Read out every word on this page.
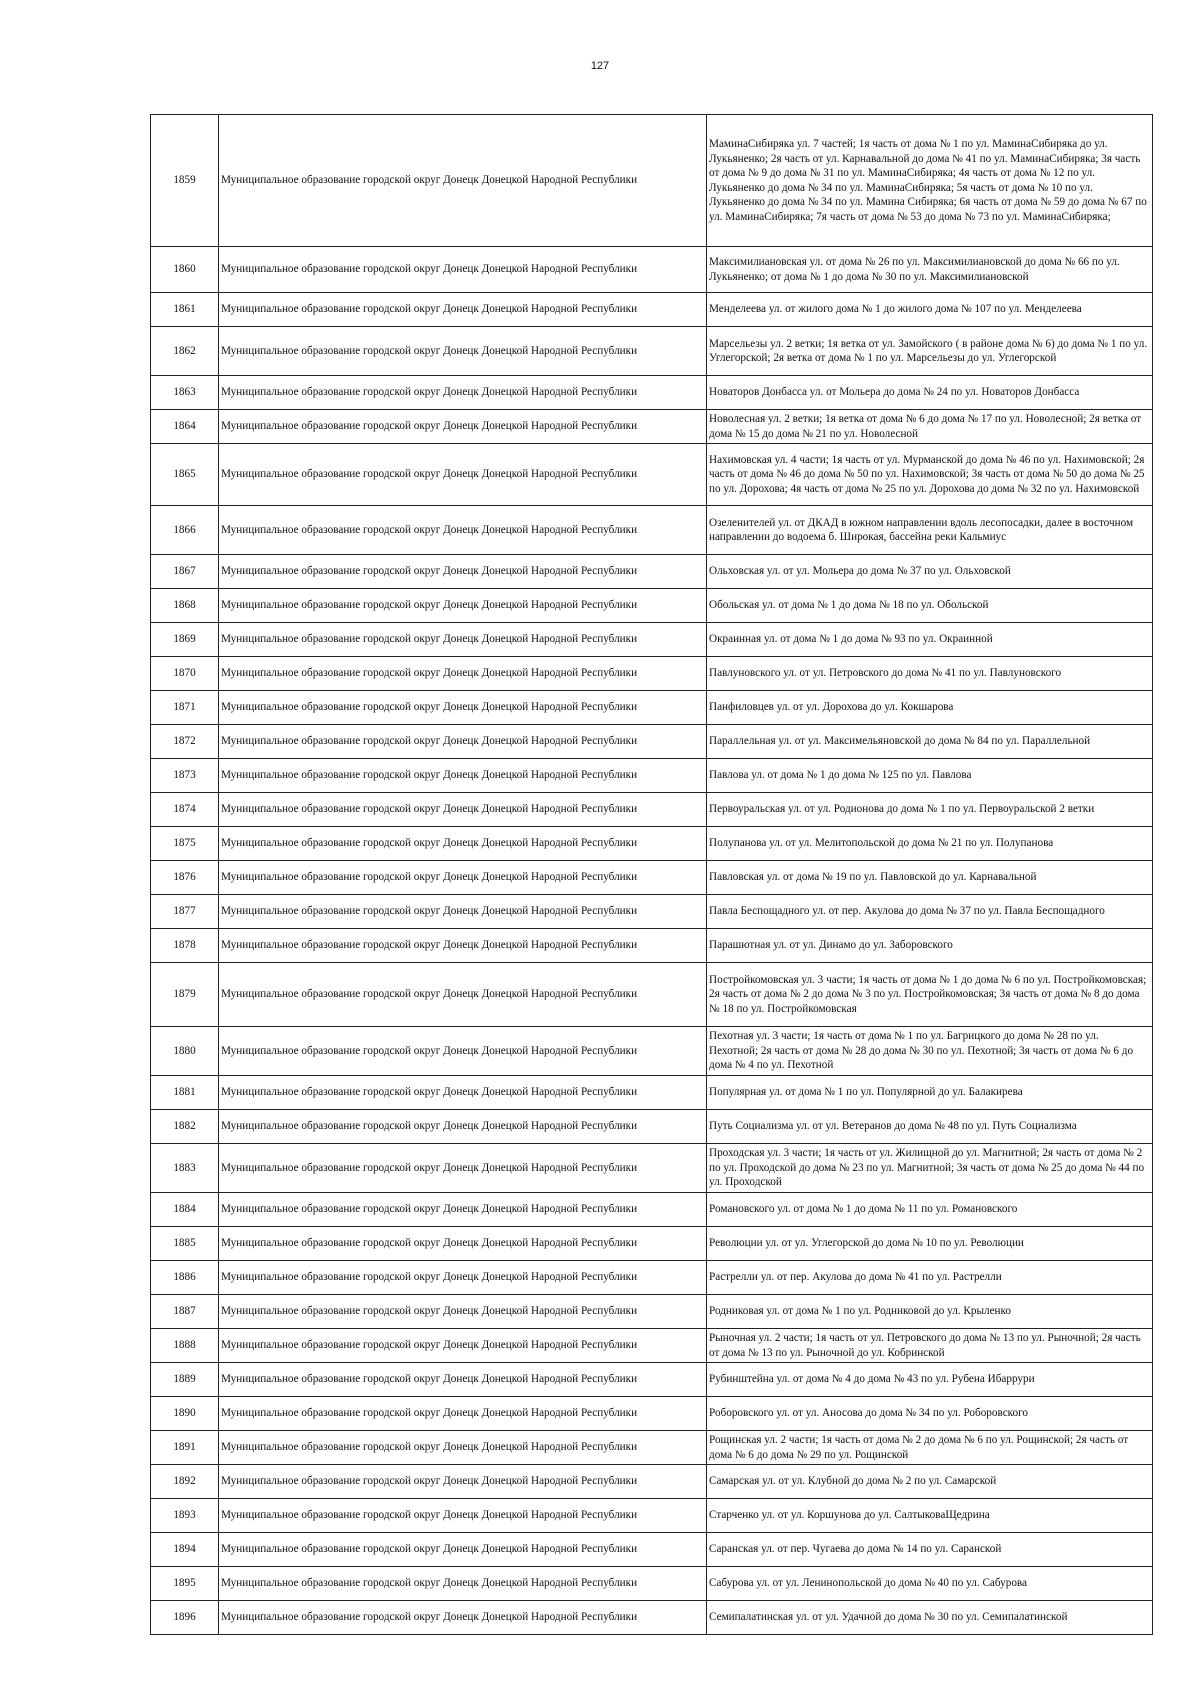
127
1859	Муниципальное образование городской округ Донецк Донецкой Народной Республики	МаминаСибиряка ул. 7 частей; 1я часть от дома № 1 по ул. МаминаСибиряка до ул. Лукьяненко; 2я часть от ул. Карнавальной до дома № 41 по ул. МаминаСибиряка; 3я часть от дома № 9 до дома № 31 по ул. МаминаСибиряка; 4я часть от дома № 12 по ул. Лукьяненко до дома № 34 по ул. МаминаСибиряка; 5я часть от дома № 10 по ул. Лукьяненко до дома № 34 по ул. Мамина Сибиряка; 6я часть от дома № 59 до дома № 67 по ул. МаминаСибиряка; 7я часть от дома № 53 до дома № 73 по ул. МаминаСибиряка;
1860	Муниципальное образование городской округ Донецк Донецкой Народной Республики	Максимилиановская ул. от дома № 26 по ул. Максимилиановской до дома № 66 по ул. Лукьяненко; от дома № 1 до дома № 30 по ул. Максимилиановской
1861	Муниципальное образование городской округ Донецк Донецкой Народной Республики	Менделеева ул. от жилого дома № 1 до жилого дома № 107 по ул. Менделеева
1862	Муниципальное образование городской округ Донецк Донецкой Народной Республики	Марсельезы ул. 2 ветки; 1я ветка от ул. Замойского ( в районе дома № 6) до дома № 1 по ул. Углегорской; 2я ветка от дома № 1 по ул. Марсельезы до ул. Углегорской
1863	Муниципальное образование городской округ Донецк Донецкой Народной Республики	Новаторов Донбасса ул. от Мольера до дома № 24 по ул. Новаторов Донбасса
1864	Муниципальное образование городской округ Донецк Донецкой Народной Республики	Новолесная ул. 2 ветки; 1я ветка от дома № 6 до дома № 17 по ул. Новолесной; 2я ветка от дома № 15 до дома № 21 по ул. Новолесной
1865	Муниципальное образование городской округ Донецк Донецкой Народной Республики	Нахимовская ул. 4 части; 1я часть от ул. Мурманской до дома № 46 по ул. Нахимовской; 2я часть от дома № 46 до дома № 50 по ул. Нахимовской; 3я часть от дома № 50 до дома № 25 по ул. Дорохова; 4я часть от дома № 25 по ул. Дорохова до дома № 32 по ул. Нахимовской
1866	Муниципальное образование городской округ Донецк Донецкой Народной Республики	Озеленителей ул. от ДКАД в южном направлении вдоль лесопосадки, далее в восточном направлении до водоема б. Широкая, бассейна реки Кальмиус
1867	Муниципальное образование городской округ Донецк Донецкой Народной Республики	Ольховская ул. от ул. Мольера до дома № 37 по ул. Ольховской
1868	Муниципальное образование городской округ Донецк Донецкой Народной Республики	Обольская ул. от дома № 1 до дома № 18 по ул. Обольской
1869	Муниципальное образование городской округ Донецк Донецкой Народной Республики	Окраинная ул. от дома № 1 до дома № 93 по ул. Окраинной
1870	Муниципальное образование городской округ Донецк Донецкой Народной Республики	Павлуновского ул. от ул. Петровского до дома № 41 по ул. Павлуновского
1871	Муниципальное образование городской округ Донецк Донецкой Народной Республики	Панфиловцев ул. от ул. Дорохова до ул. Кокшарова
1872	Муниципальное образование городской округ Донецк Донецкой Народной Республики	Параллельная ул. от ул. Максимельяновской до дома № 84 по ул. Параллельной
1873	Муниципальное образование городской округ Донецк Донецкой Народной Республики	Павлова ул. от дома № 1 до дома № 125 по ул. Павлова
1874	Муниципальное образование городской округ Донецк Донецкой Народной Республики	Первоуральская ул. от ул. Родионова до дома № 1 по ул. Первоуральской 2 ветки
1875	Муниципальное образование городской округ Донецк Донецкой Народной Республики	Полупанова ул. от ул. Мелитопольской до дома № 21 по ул. Полупанова
1876	Муниципальное образование городской округ Донецк Донецкой Народной Республики	Павловская ул. от дома № 19 по ул. Павловской до ул. Карнавальной
1877	Муниципальное образование городской округ Донецк Донецкой Народной Республики	Павла Беспощадного ул. от пер. Акулова до дома № 37 по ул. Павла Беспощадного
1878	Муниципальное образование городской округ Донецк Донецкой Народной Республики	Парашютная ул. от ул. Динамо до ул. Заборовского
1879	Муниципальное образование городской округ Донецк Донецкой Народной Республики	Постройкомовская ул. 3 части; 1я часть от дома № 1 до дома № 6 по ул. Постройкомовская; 2я часть от дома № 2 до дома № 3 по ул. Постройкомовская; 3я часть от дома № 8 до дома № 18 по ул. Постройкомовская
1880	Муниципальное образование городской округ Донецк Донецкой Народной Республики	Пехотная ул. 3 части; 1я часть от дома № 1 по ул. Багрицкого до дома № 28 по ул. Пехотной; 2я часть от дома № 28 до дома № 30 по ул. Пехотной; 3я часть от дома № 6 до дома № 4 по ул. Пехотной
1881	Муниципальное образование городской округ Донецк Донецкой Народной Республики	Популярная ул. от дома № 1 по ул. Популярной до ул. Балакирева
1882	Муниципальное образование городской округ Донецк Донецкой Народной Республики	Путь Социализма ул. от ул. Ветеранов до дома № 48 по ул. Путь Социализма
1883	Муниципальное образование городской округ Донецк Донецкой Народной Республики	Проходская ул. 3 части; 1я часть от ул. Жилищной до ул. Магнитной; 2я часть от дома № 2 по ул. Проходской до дома № 23 по ул. Магнитной; 3я часть от дома № 25 до дома № 44 по ул. Проходской
1884	Муниципальное образование городской округ Донецк Донецкой Народной Республики	Романовского ул. от дома № 1 до дома № 11 по ул. Романовского
1885	Муниципальное образование городской округ Донецк Донецкой Народной Республики	Революции ул. от ул. Углегорской до дома № 10 по ул. Революции
1886	Муниципальное образование городской округ Донецк Донецкой Народной Республики	Растрелли ул. от пер. Акулова до дома № 41 по ул. Растрелли
1887	Муниципальное образование городской округ Донецк Донецкой Народной Республики	Родниковая ул. от дома № 1 по ул. Родниковой до ул. Крыленко
1888	Муниципальное образование городской округ Донецк Донецкой Народной Республики	Рыночная ул. 2 части; 1я часть от ул. Петровского до дома № 13 по ул. Рыночной; 2я часть от дома № 13 по ул. Рыночной до ул. Кобринской
1889	Муниципальное образование городской округ Донецк Донецкой Народной Республики	Рубинштейна ул. от дома № 4 до дома № 43 по ул. Рубена Ибаррури
1890	Муниципальное образование городской округ Донецк Донецкой Народной Республики	Роборовского ул. от ул. Аносова до дома № 34 по ул. Роборовского
1891	Муниципальное образование городской округ Донецк Донецкой Народной Республики	Рощинская ул. 2 части; 1я часть от дома № 2 до дома № 6 по ул. Рощинской; 2я часть от дома № 6 до дома № 29 по ул. Рощинской
1892	Муниципальное образование городской округ Донецк Донецкой Народной Республики	Самарская ул. от ул. Клубной до дома № 2 по ул. Самарской
1893	Муниципальное образование городской округ Донецк Донецкой Народной Республики	Старченко ул. от ул. Коршунова до ул. СалтыковаЩедрина
1894	Муниципальное образование городской округ Донецк Донецкой Народной Республики	Саранская ул. от пер. Чугаева до дома № 14 по ул. Саранской
1895	Муниципальное образование городской округ Донецк Донецкой Народной Республики	Сабурова ул. от ул. Ленинопольской до дома № 40 по ул. Сабурова
1896	Муниципальное образование городской округ Донецк Донецкой Народной Республики	Семипалатинская ул. от ул. Удачной до дома № 30 по ул. Семипалатинской
